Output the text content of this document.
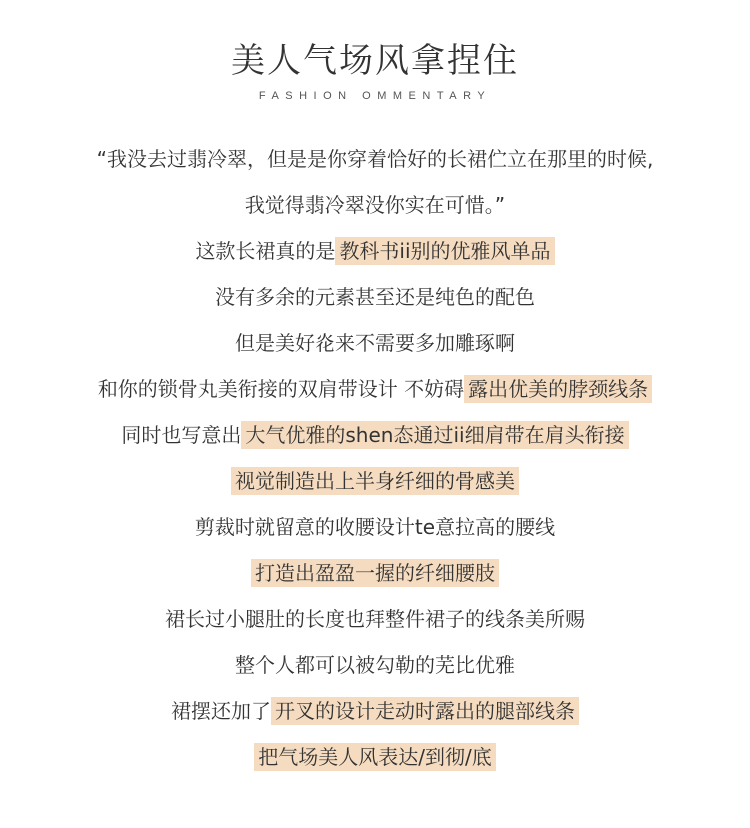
美人气场风拿捏住
FASHION OMMENTARY
“我没去过翡冷翠，但是是你穿着恰好的长裙伫立在那里的时候,
我觉得翡冷翠没你实在可惜。”
这款长裙真的是 教科书ii别的优雅风单品
没有多余的元素甚至还是纯色的配色
但是美好炛来不需要多加雕琢啊
和你的锁骨丸美衔接的双肩带设计 不妨碍 露出优美的脖颈线条
同时也写意出 大气优雅的shen态通过ii细肩带在肩头衔接
视觉制造出上半身纤细的骨感美
剪裁时就留意的收腰设计te意拉高的腰线
打造出盈盈一握的纤细腰肢
裙长过小腿肚的长度也拜整件裙子的线条美所赐
整个人都可以被勾勒的芜比优雅
裙摆还加了 开叉的设计走动时露出的腿部线条
把气场美人风表达/到彻/底
